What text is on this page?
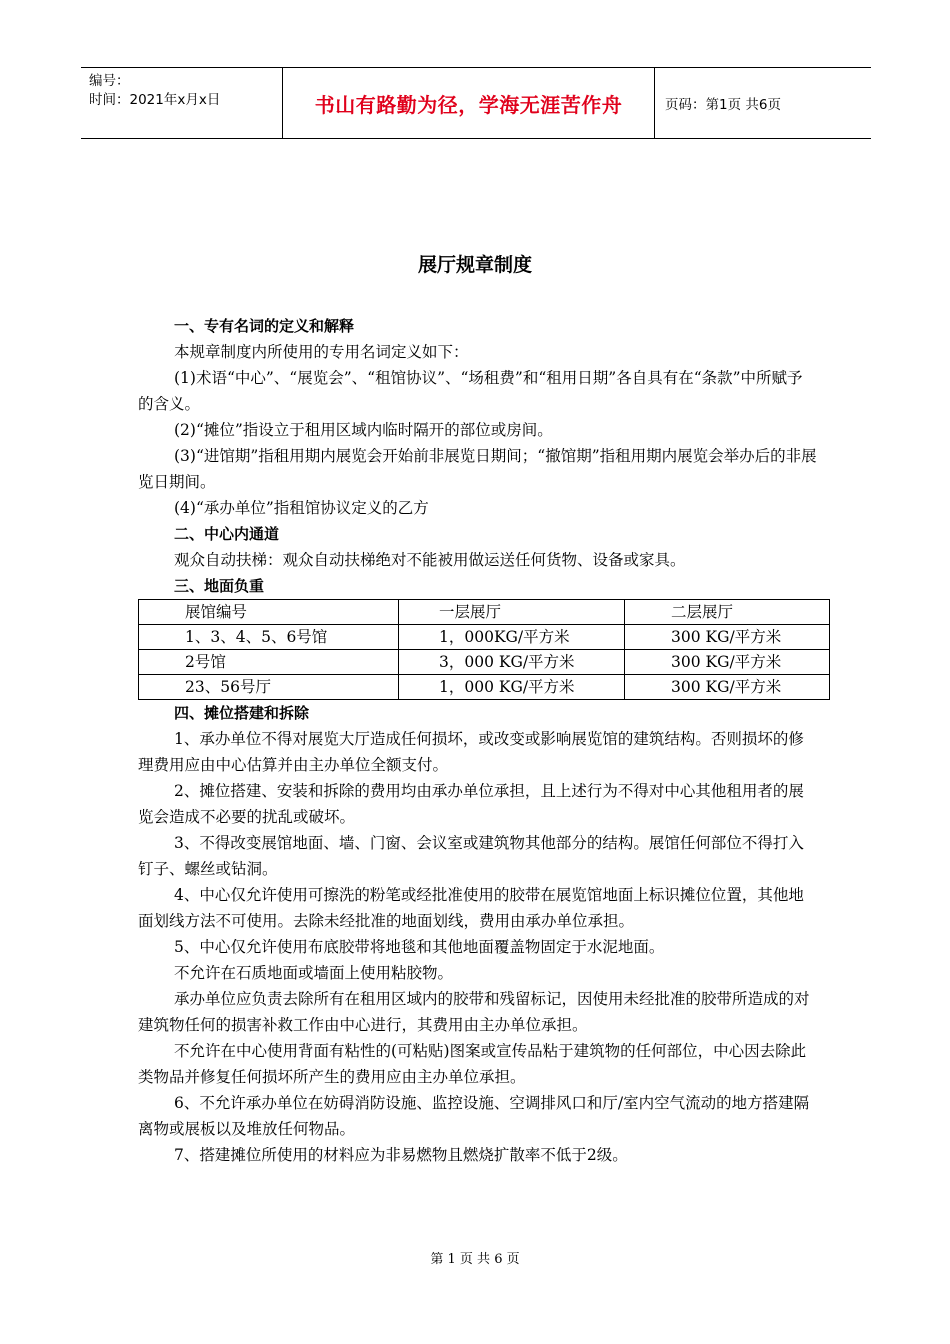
编号：
时间：2021年x月x日	书山有路勤为径，学海无涯苦作舟	页码：第1页 共6页
展厅规章制度

一、专有名词的定义和解释

本规章制度内所使用的专用名词定义如下：

(1)术语“中心”、“展览会”、“租馆协议”、“场租费”和“租用日期”各自具有在“条款”中所赋予的含义。

(2)“摊位”指设立于租用区域内临时隔开的部位或房间。

(3)“进馆期”指租用期内展览会开始前非展览日期间；“撤馆期”指租用期内展览会举办后的非展览日期间。

(4)“承办单位”指租馆协议定义的乙方

二、中心内通道

观众自动扶梯：观众自动扶梯绝对不能被用做运送任何货物、设备或家具。

三、地面负重

展馆编号	一层展厅	二层展厅
1、3、4、5、6号馆	1，000KG/平方米	300 KG/平方米
2号馆	3，000 KG/平方米	300 KG/平方米
23、56号厅	1，000 KG/平方米	300 KG/平方米

四、摊位搭建和拆除

1、承办单位不得对展览大厅造成任何损坏，或改变或影响展览馆的建筑结构。否则损坏的修理费用应由中心估算并由主办单位全额支付。

2、摊位搭建、安装和拆除的费用均由承办单位承担，且上述行为不得对中心其他租用者的展览会造成不必要的扰乱或破坏。

3、不得改变展馆地面、墙、门窗、会议室或建筑物其他部分的结构。展馆任何部位不得打入钉子、螺丝或钻洞。

4、中心仅允许使用可擦洗的粉笔或经批准使用的胶带在展览馆地面上标识摊位位置，其他地面划线方法不可使用。去除未经批准的地面划线，费用由承办单位承担。

5、中心仅允许使用布底胶带将地毯和其他地面覆盖物固定于水泥地面。

不允许在石质地面或墙面上使用粘胶物。

承办单位应负责去除所有在租用区域内的胶带和残留标记，因使用未经批准的胶带所造成的对建筑物任何的损害补救工作由中心进行，其费用由主办单位承担。

不允许在中心使用背面有粘性的(可粘贴)图案或宣传品粘于建筑物的任何部位，中心因去除此类物品并修复任何损坏所产生的费用应由主办单位承担。

6、不允许承办单位在妨碍消防设施、监控设施、空调排风口和厅/室内空气流动的地方搭建隔离物或展板以及堆放任何物品。

7、搭建摊位所使用的材料应为非易燃物且燃烧扩散率不低于2级。

第 1 页 共 6 页
